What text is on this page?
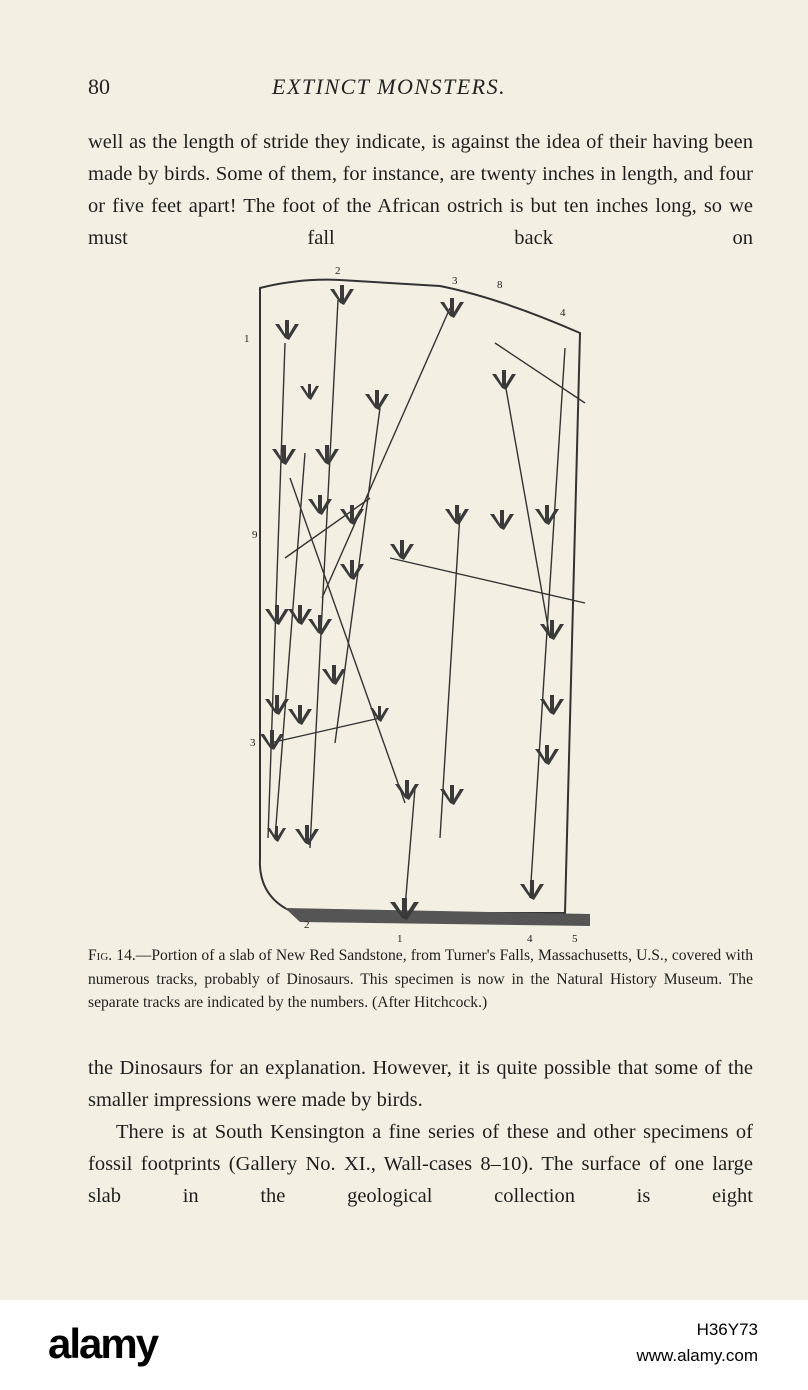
80	EXTINCT MONSTERS.

well as the length of stride they indicate, is against the idea of their having been made by birds. Some of them, for instance, are twenty inches in length, and four or five feet apart! The foot of the African ostrich is but ten inches long, so we must fall back on

1
2
3	8
4
9
3
2
1	4	5
Fig. 14.—Portion of a slab of New Red Sandstone, from Turner's Falls, Massachusetts, U.S., covered with numerous tracks, probably of Dinosaurs. This specimen is now in the Natural History Museum. The separate tracks are indicated by the numbers. (After Hitchcock.)

the Dinosaurs for an explanation. However, it is quite possible that some of the smaller impressions were made by birds.

There is at South Kensington a fine series of these and other specimens of fossil footprints (Gallery No. XI., Wall-cases 8–10). The surface of one large slab in the geological collection is eight

alamy	H36Y73
www.alamy.com
